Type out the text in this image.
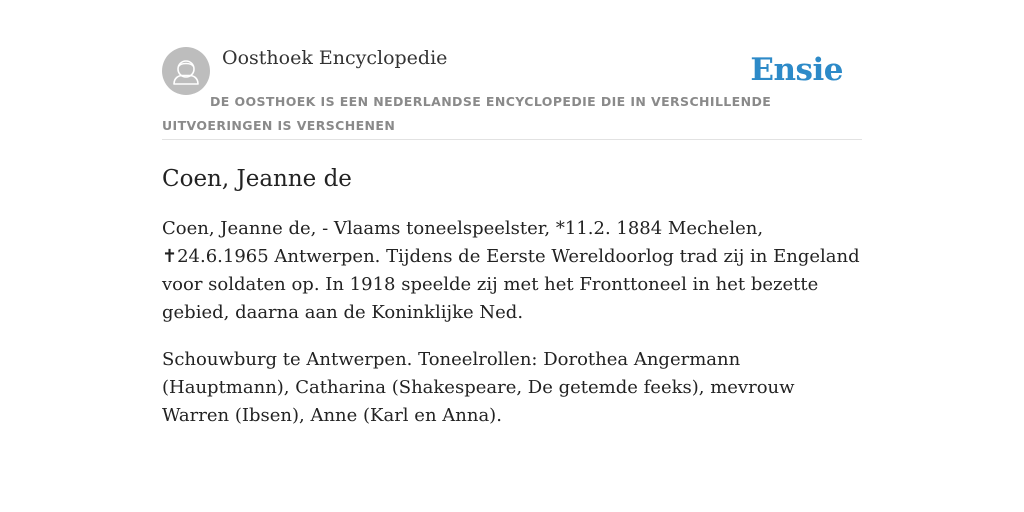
Oosthoek Encyclopedie	Ensie
DE OOSTHOEK IS EEN NEDERLANDSE ENCYCLOPEDIE DIE IN VERSCHILLENDE UITVOERINGEN IS VERSCHENEN
Coen, Jeanne de

Coen, Jeanne de, - Vlaams toneelspeelster, *11.2. 1884 Mechelen, ✝24.6.1965 Antwerpen. Tijdens de Eerste Wereldoorlog trad zij in Engeland voor soldaten op. In 1918 speelde zij met het Fronttoneel in het bezette gebied, daarna aan de Koninklijke Ned.

Schouwburg te Antwerpen. Toneelrollen: Dorothea Angermann (Hauptmann), Catharina (Shakespeare, De getemde feeks), mevrouw Warren (Ibsen), Anne (Karl en Anna).
